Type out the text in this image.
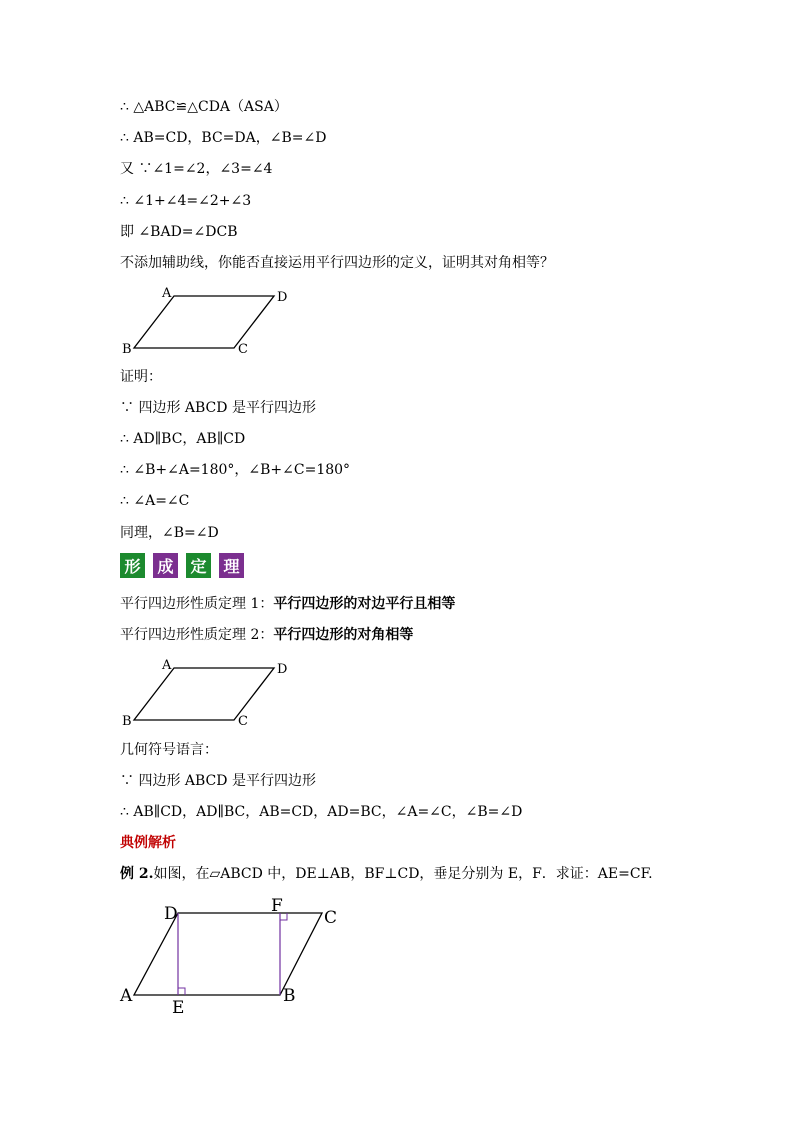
∴ △ABC≌△CDA（ASA）
∴ AB=CD，BC=DA，∠B=∠D
又 ∵∠1=∠2，∠3=∠4
∴ ∠1+∠4=∠2+∠3
即 ∠BAD=∠DCB
不添加辅助线，你能否直接运用平行四边形的定义，证明其对角相等？
A	D
B	C
证明：
∵ 四边形 ABCD 是平行四边形
∴ AD∥BC，AB∥CD
∴ ∠B+∠A=180°，∠B+∠C=180°
∴ ∠A=∠C
同理，∠B=∠D
形 成 定 理
平行四边形性质定理 1：平行四边形的对边平行且相等
平行四边形性质定理 2：平行四边形的对角相等
A	D
B	C
几何符号语言：
∵ 四边形 ABCD 是平行四边形
∴ AB∥CD，AD∥BC，AB=CD，AD=BC，∠A=∠C，∠B=∠D
典例解析
例 2.如图，在▱ABCD 中，DE⊥AB，BF⊥CD，垂足分别为 E，F．求证：AE=CF.
D	F
C
A
E
B
